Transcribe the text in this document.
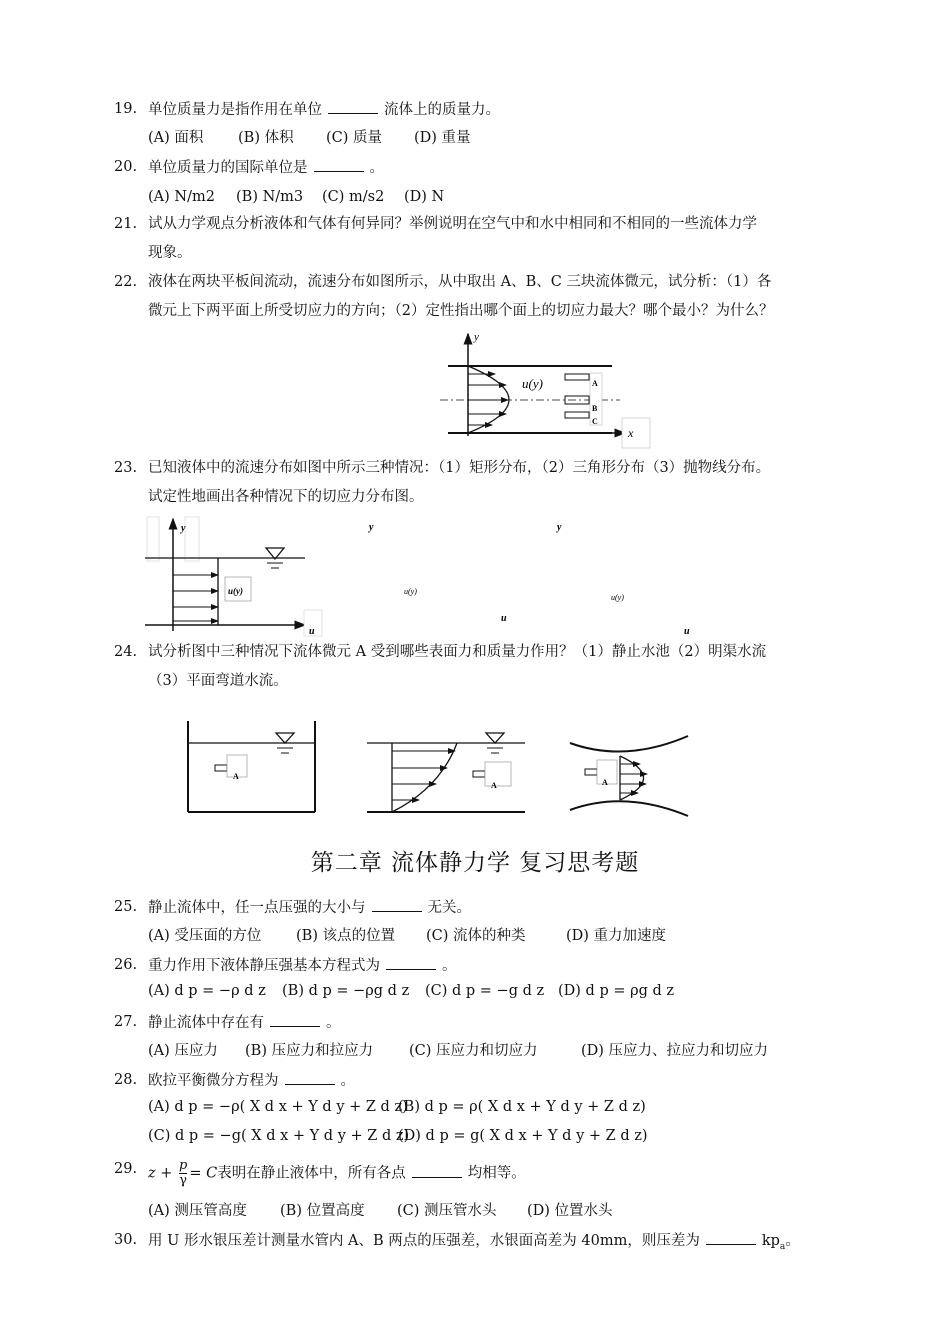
19. 单位质量力是指作用在单位	流体上的质量力。
(A) 面积 (B) 体积 (C) 质量 (D) 重量
20. 单位质量力的国际单位是	。
(A) N/m2 (B) N/m3 (C) m/s2 (D) N
21. 试从力学观点分析液体和气体有何异同？举例说明在空气中和水中相同和不相同的一些流体力学
现象。
22. 液体在两块平板间流动，流速分布如图所示，从中取出 A、B、C 三块流体微元，试分析：（1）各
微元上下两平面上所受切应力的方向；（2）定性指出哪个面上的切应力最大？哪个最小？为什么？
y
x
u(y)	A
B
C
23. 已知液体中的流速分布如图中所示三种情况：（1）矩形分布，（2）三角形分布（3）抛物线分布。
试定性地画出各种情况下的切应力分布图。
y
u(y)
u
y
u(y)
u
y
u(y)
u
24. 试分析图中三种情况下流体微元 A 受到哪些表面力和质量力作用？（1）静止水池（2）明渠水流
（3）平面弯道水流。
A
A	A
第二章 流体静力学 复习思考题
25. 静止流体中，任一点压强的大小与	无关。
(A) 受压面的方位 (B) 该点的位置 (C) 流体的种类	(D) 重力加速度
26. 重力作用下液体静压强基本方程式为	。
(A) d p = −ρ d z (B) d p = −ρg d z (C) d p = −g d z (D) d p = ρg d z
27. 静止流体中存在有	。
(A) 压应力 (B) 压应力和拉应力 (C) 压应力和切应力	(D) 压应力、拉应力和切应力
28. 欧拉平衡微分方程为	。
(A) d p = −ρ( X d x + Y d y + Z d z)
(B) d p = ρ( X d x + Y d y + Z d z)
(C) d p = −g( X d x + Y d y + Z d z)
(D) d p = g( X d x + Y d y + Z d z)
29. $z + \frac{p}{\gamma} = C$表明在静止液体中，所有各点	均相等。
(A) 测压管高度 (B) 位置高度 (C) 测压管水头 (D) 位置水头
30. 用 U 形水银压差计测量水管内 A、B 两点的压强差，水银面高差为 40mm，则压差为	$kp_a$。
